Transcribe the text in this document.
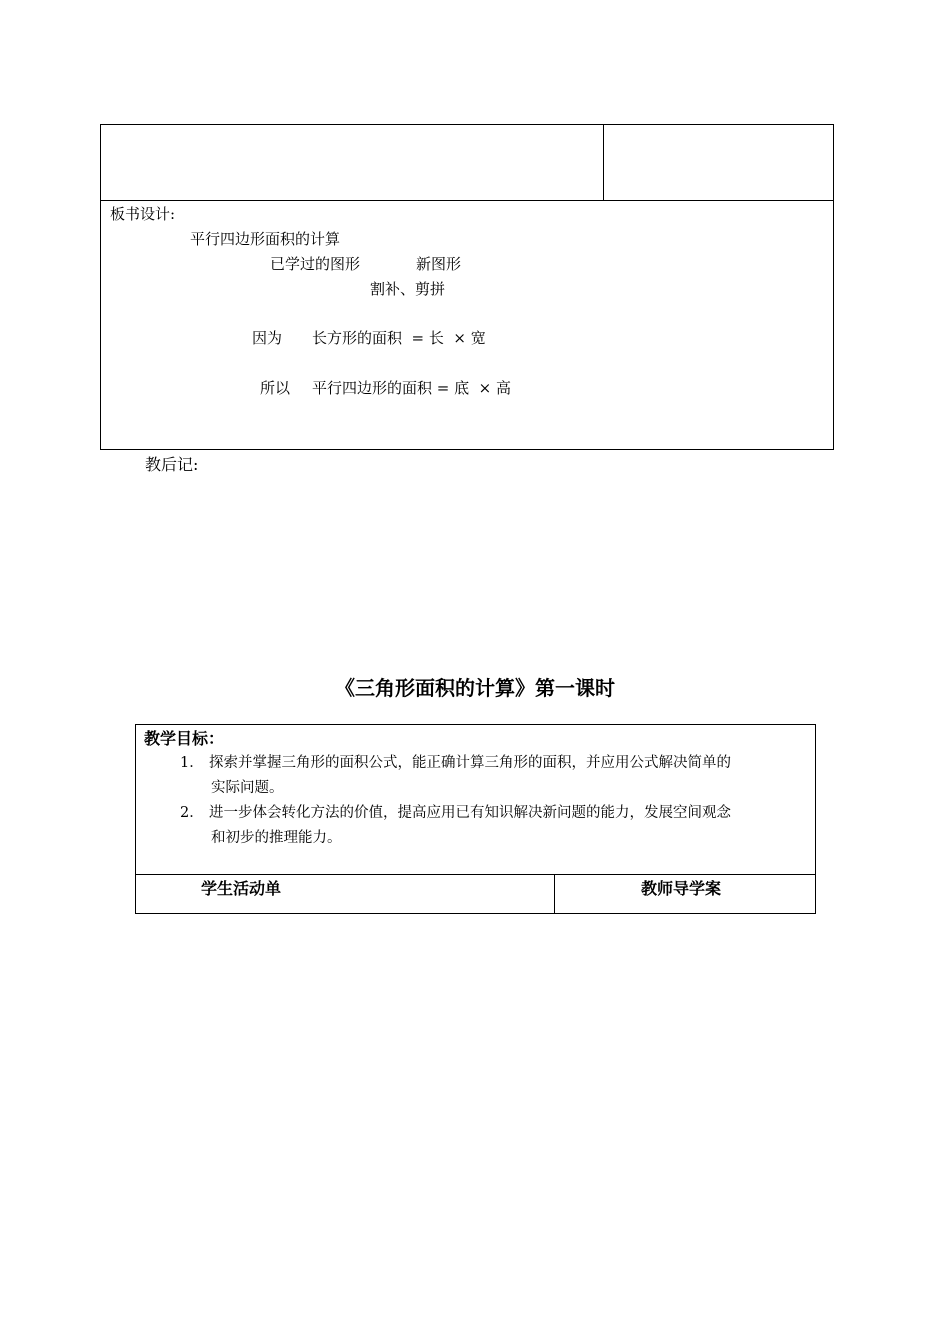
板书设计:
平行四边形面积的计算
已学过的图形	新图形
割补、剪拼
因为 长方形的面积  = 长  × 宽
所以 平行四边形的面积 = 底  × 高
教后记:
《三角形面积的计算》第一课时
教学目标：
1． 探索并掌握三角形的面积公式，能正确计算三角形的面积，并应用公式解决简单的
实际问题。
2． 进一步体会转化方法的价值，提高应用已有知识解决新问题的能力，发展空间观念
和初步的推理能力。
学生活动单	教师导学案
